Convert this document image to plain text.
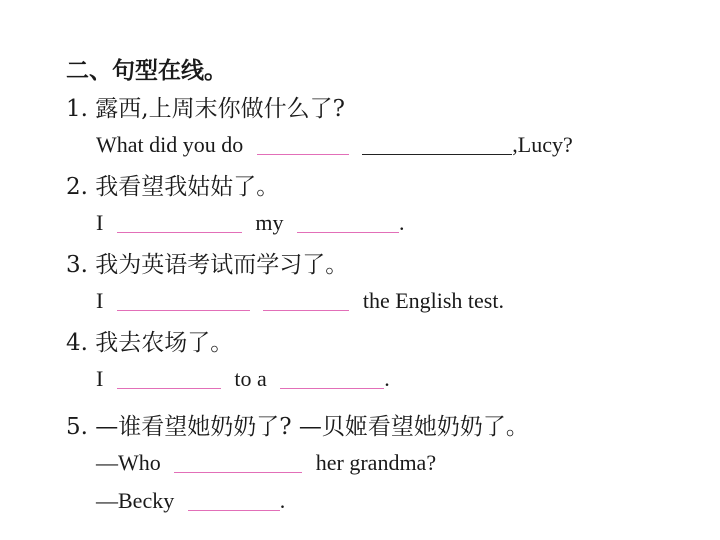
二、句型在线。
1. 露西,上周末你做什么了?
What did you do	,Lucy?
2. 我看望我姑姑了。
I	my	.
3. 我为英语考试而学习了。
I	the English test.
4. 我去农场了。
I	to a	.
5. —谁看望她奶奶了? —贝姬看望她奶奶了。
—Who	her grandma?
—Becky	.
